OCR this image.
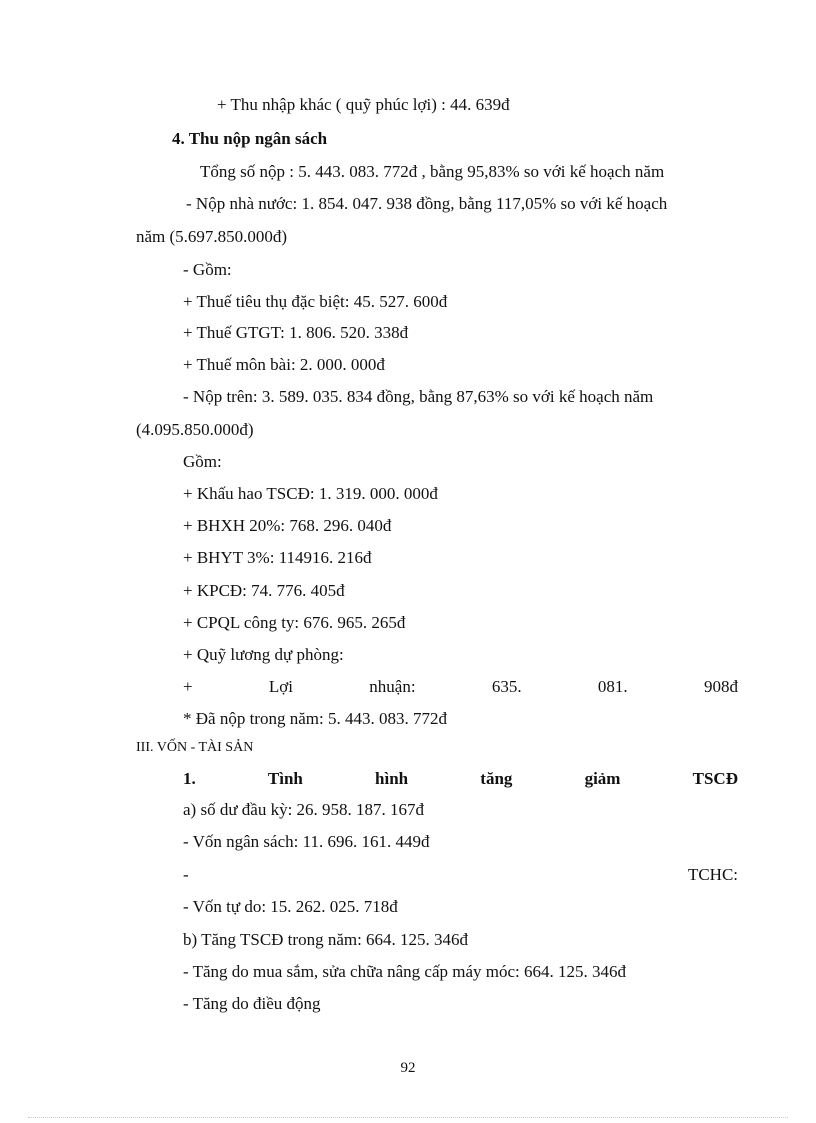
+ Thu nhập khác ( quỹ phúc lợi) : 44. 639đ
4. Thu nộp ngân sách
Tổng số nộp : 5. 443. 083. 772đ , bằng 95,83% so với kế hoạch năm
- Nộp nhà nước: 1. 854. 047. 938 đồng, bằng 117,05% so với kế hoạch
năm (5.697.850.000đ)
- Gồm:
+ Thuế tiêu thụ đặc biệt: 45. 527. 600đ
+ Thuế GTGT: 1. 806. 520. 338đ
+ Thuế môn bài: 2. 000. 000đ
- Nộp trên: 3. 589. 035. 834 đồng, bằng 87,63% so với kế hoạch năm
(4.095.850.000đ)
Gồm:
+ Khấu hao TSCĐ: 1. 319. 000. 000đ
+ BHXH 20%: 768. 296. 040đ
+ BHYT 3%: 114916. 216đ
+ KPCĐ: 74. 776. 405đ
+ CPQL công ty: 676. 965. 265đ
+ Quỹ lương dự phòng:
+	Lợi	nhuận:	635.	081.	908đ
* Đã nộp trong năm: 5. 443. 083. 772đ
III. VỐN - TÀI SẢN
1.	Tình	hình	tăng	giảm	TSCĐ
a) số dư đầu kỳ: 26. 958. 187. 167đ
- Vốn ngân sách: 11. 696. 161. 449đ
-	TCHC:
- Vốn tự do: 15. 262. 025. 718đ
b) Tăng TSCĐ trong năm: 664. 125. 346đ
- Tăng do mua sắm, sửa chữa nâng cấp máy móc: 664. 125. 346đ
- Tăng do điều động
92
